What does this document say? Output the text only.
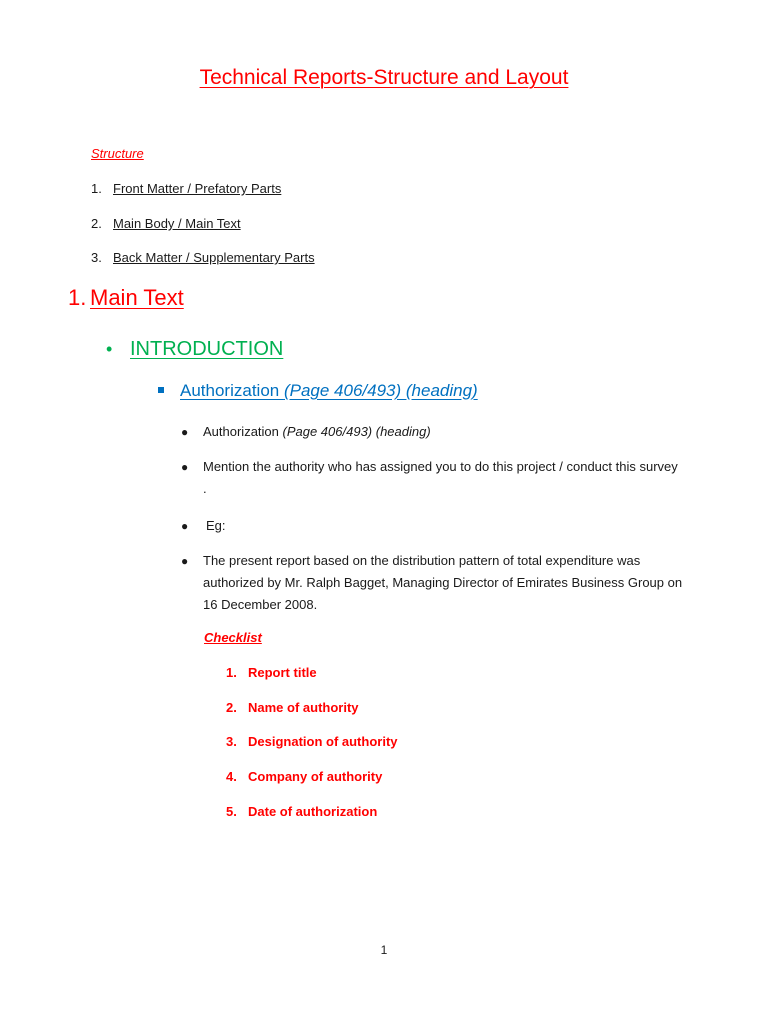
Technical Reports-Structure and Layout
Structure
1. Front Matter / Prefatory Parts
2. Main Body / Main Text
3. Back Matter / Supplementary Parts
1. Main Text
• INTRODUCTION
Authorization (Page 406/493) (heading)
● Authorization (Page 406/493) (heading)
● Mention the authority who has assigned you to do this project / conduct this survey .
● Eg:
● The present report based on the distribution pattern of total expenditure was authorized by Mr. Ralph Bagget, Managing Director of Emirates Business Group on 16 December 2008.
Checklist
1. Report title
2. Name of authority
3. Designation of authority
4. Company of authority
5. Date of authorization
1
